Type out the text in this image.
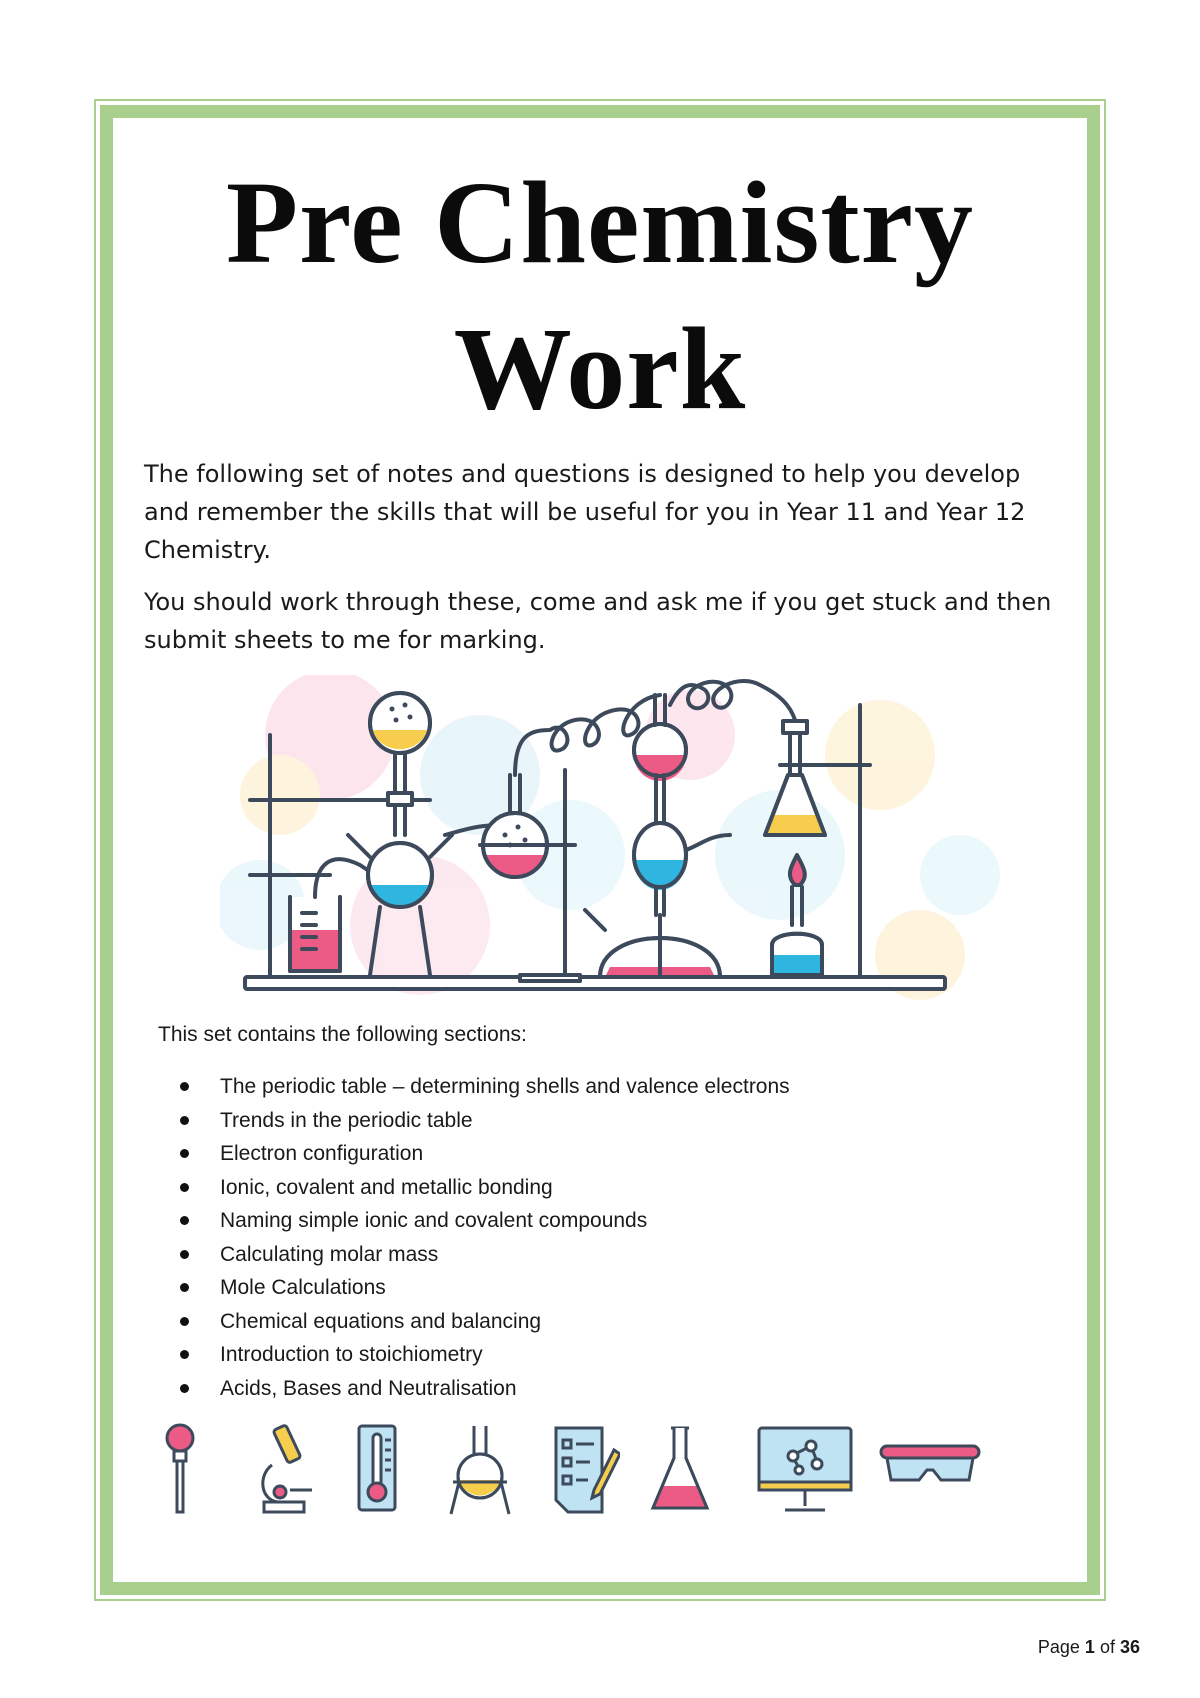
Pre Chemistry
Work

The following set of notes and questions is designed to help you develop and remember the skills that will be useful for you in Year 11 and Year 12 Chemistry.

You should work through these, come and ask me if you get stuck and then submit sheets to me for marking.

This set contains the following sections:
The periodic table – determining shells and valence electrons
Trends in the periodic table
Electron configuration
Ionic, covalent and metallic bonding
Naming simple ionic and covalent compounds
Calculating molar mass
Mole Calculations
Chemical equations and balancing
Introduction to stoichiometry
Acids, Bases and Neutralisation
Page 1 of 36
